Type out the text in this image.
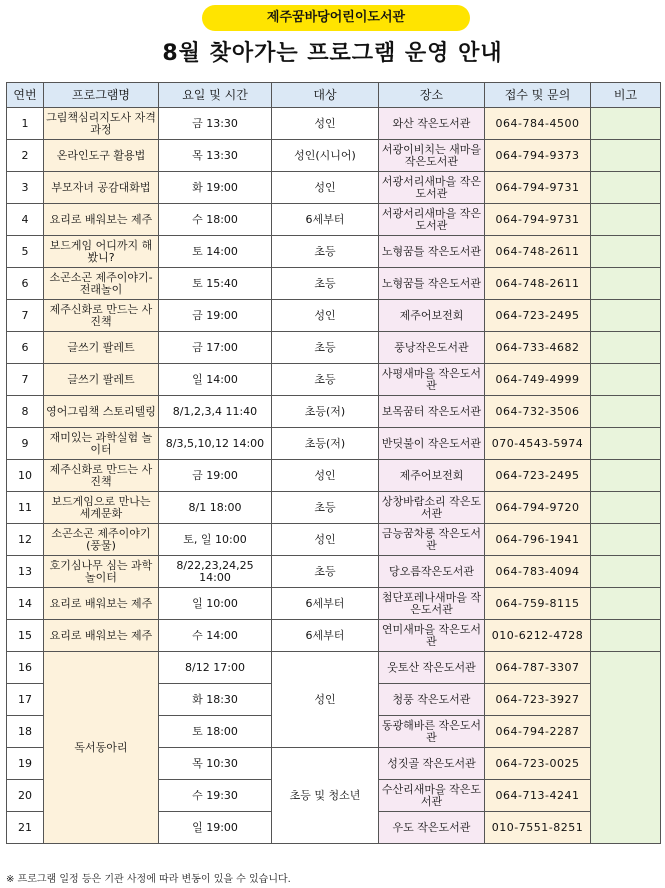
제주꿈바당어린이도서관
8월 찾아가는 프로그램 운영 안내
연번	프로그램명	요일 및 시간	대상	장소	접수 및 문의	비고
1	그림책심리지도사 자격과정	금 13:30	성인	와산 작은도서관	064-784-4500	
2	온라인도구 활용법	목 13:30	성인(시니어)	서광이비치는 새마을작은도서관	064-794-9373	
3	부모자녀 공감대화법	화 19:00	성인	서광서리새마을 작은도서관	064-794-9731	
4	요리로 배워보는 제주	수 18:00	6세부터	서광서리새마을 작은도서관	064-794-9731	
5	보드게임 어디까지 해봤니?	토 14:00	초등	노형꿈틀 작은도서관	064-748-2611	
6	소곤소곤 제주이야기-전래놀이	토 15:40	초등	노형꿈틀 작은도서관	064-748-2611	
7	제주신화로 만드는 사진책	금 19:00	성인	제주어보전회	064-723-2495	
6	글쓰기 팔레트	금 17:00	초등	풍낭작은도서관	064-733-4682	
7	글쓰기 팔레트	일 14:00	초등	사평새마을 작은도서관	064-749-4999	
8	영어그림책 스토리텔링	8/1,2,3,4 11:40	초등(저)	보목꿈터 작은도서관	064-732-3506	
9	재미있는 과학실험 놀이터	8/3,5,10,12 14:00	초등(저)	반딧불이 작은도서관	070-4543-5974	
10	제주신화로 만드는 사진책	금 19:00	성인	제주어보전회	064-723-2495	
11	보드게임으로 만나는 세계문화	8/1 18:00	초등	상창바람소리 작은도서관	064-794-9720	
12	소곤소곤 제주이야기(풍물)	토, 일 10:00	성인	금능꿈차롱 작은도서관	064-796-1941	
13	호기심나무 심는 과학놀이터	8/22,23,24,25 14:00	초등	당오름작은도서관	064-783-4094	
14	요리로 배워보는 제주	일 10:00	6세부터	첨단포레나새마을 작은도서관	064-759-8115	
15	요리로 배워보는 제주	수 14:00	6세부터	연미새마을 작은도서관	010-6212-4728	
16	독서동아리	8/12 17:00	성인	웃토산 작은도서관	064-787-3307	
17		화 18:30		청풍 작은도서관	064-723-3927	
18		토 18:00		동광해바른 작은도서관	064-794-2287	
19		목 10:30	초등 및 청소년	성짓골 작은도서관	064-723-0025	
20		수 19:30		수산리새마을 작은도서관	064-713-4241	
21		일 19:00		우도 작은도서관	010-7551-8251	
※ 프로그램 일정 등은 기관 사정에 따라 변동이 있을 수 있습니다.
